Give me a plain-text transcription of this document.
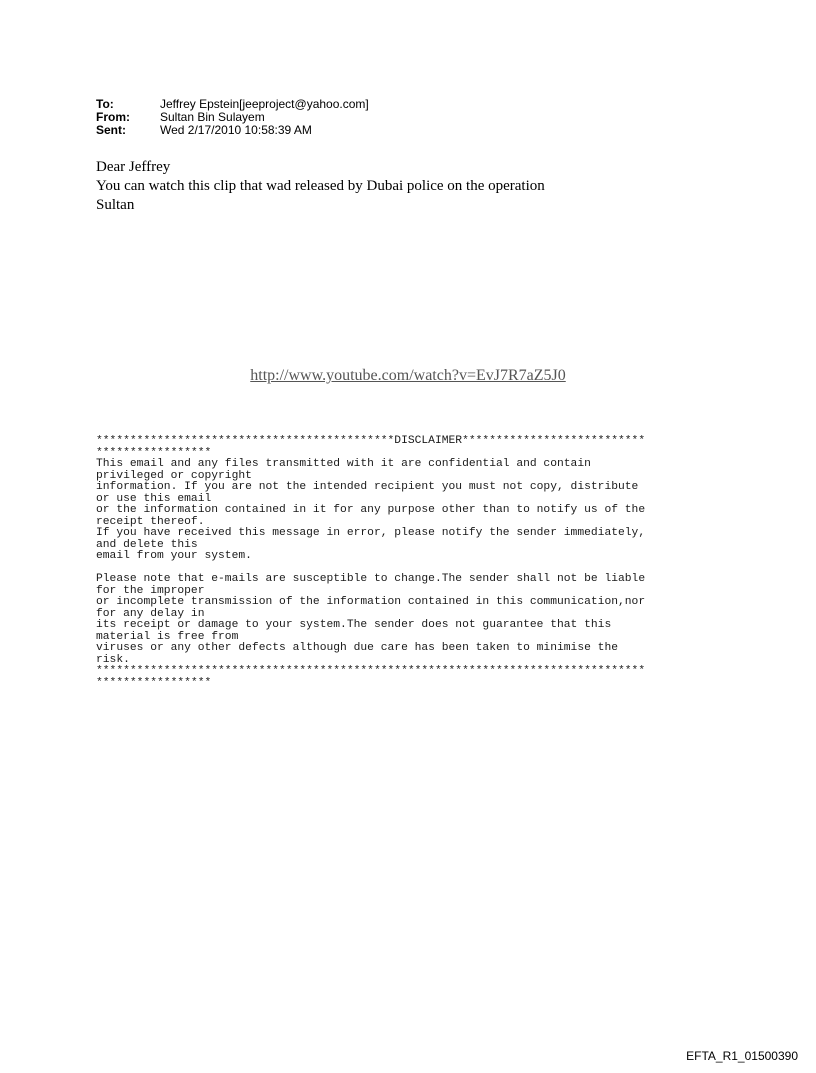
To:	Jeffrey Epstein[jeeproject@yahoo.com]
From:	Sultan Bin Sulayem
Sent:	Wed 2/17/2010 10:58:39 AM
Dear Jeffrey
You can watch this clip that wad released by Dubai police on the operation
Sultan
http://www.youtube.com/watch?v=EvJ7R7aZ5J0
********************************************DISCLAIMER***************************
*****************
This email and any files transmitted with it are confidential and contain
privileged or copyright
information. If you are not the intended recipient you must not copy, distribute
or use this email
or the information contained in it for any purpose other than to notify us of the
receipt thereof.
If you have received this message in error, please notify the sender immediately,
and delete this
email from your system.

Please note that e-mails are susceptible to change.The sender shall not be liable
for the improper
or incomplete transmission of the information contained in this communication,nor
for any delay in
its receipt or damage to your system.The sender does not guarantee that this
material is free from
viruses or any other defects although due care has been taken to minimise the
risk.
*********************************************************************************
*****************
EFTA_R1_01500390
